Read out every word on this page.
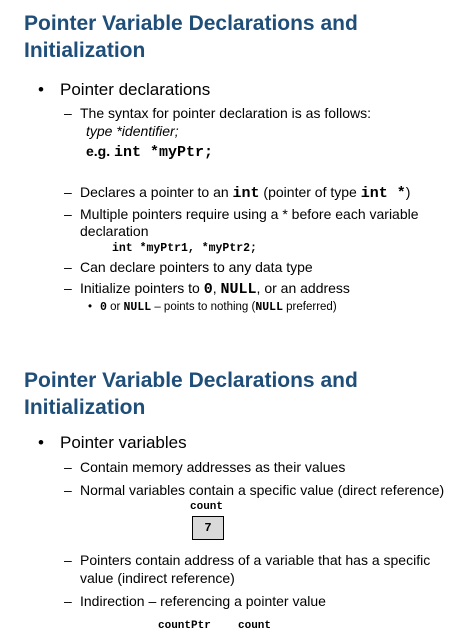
Pointer Variable Declarations and Initialization
• Pointer declarations
– The syntax for pointer declaration is as follows:
type *identifier;
e.g. int *myPtr;
– Declares a pointer to an int (pointer of type int *)
– Multiple pointers require using a * before each variable
declaration
int *myPtr1, *myPtr2;
– Can declare pointers to any data type
– Initialize pointers to 0, NULL, or an address
• 0 or NULL – points to nothing (NULL preferred)
Pointer Variable Declarations and Initialization
• Pointer variables
– Contain memory addresses as their values
– Normal variables contain a specific value (direct reference)
count
7
– Pointers contain address of a variable that has a specific
value (indirect reference)
– Indirection – referencing a pointer value
countPtr count
